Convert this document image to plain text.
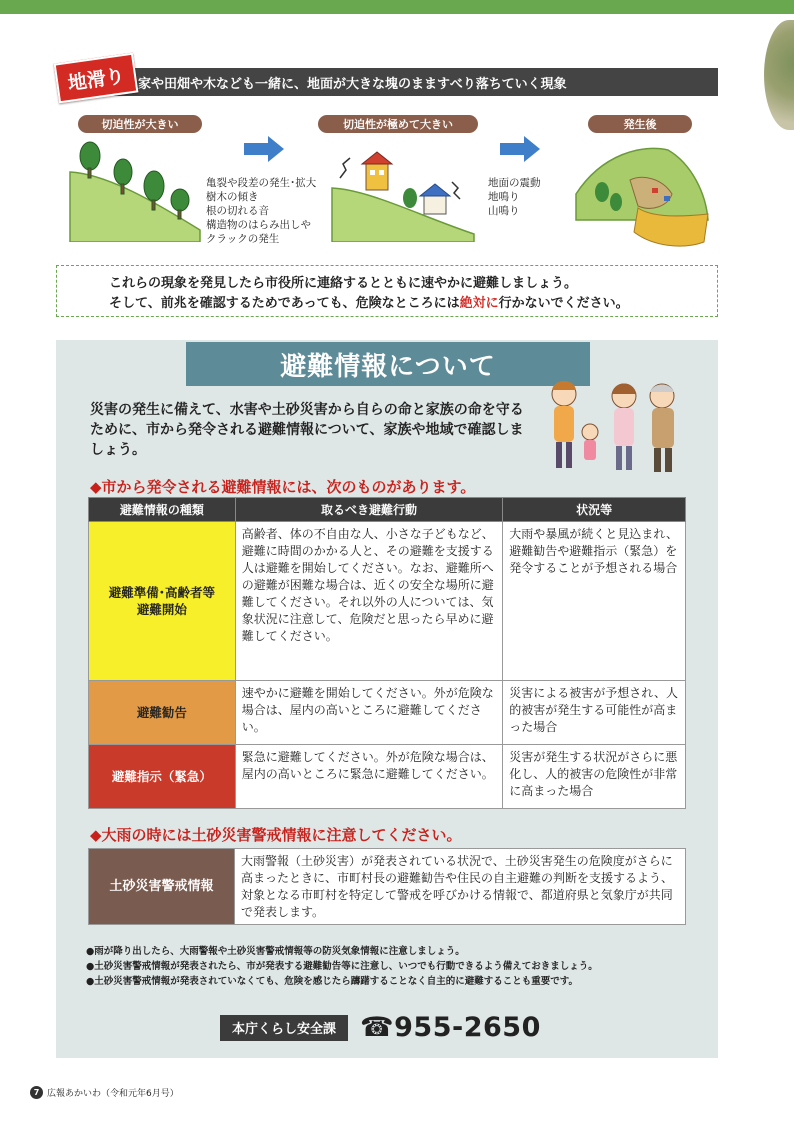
地滑り 家や田畑や木なども一緒に、地面が大きな塊のまますべり落ちていく現象
切迫性が大きい	切迫性が極めて大きい	発生後
亀裂や段差の発生･拡大
樹木の傾き
根の切れる音
構造物のはらみ出しや
クラックの発生
地面の震動
地鳴り
山鳴り
これらの現象を発見したら市役所に連絡するとともに速やかに避難しましょう。
そして、前兆を確認するためであっても、危険なところには絶対に行かないでください。
避難情報について
災害の発生に備えて、水害や土砂災害から自らの命と家族の命を守るために、市から発令される避難情報について、家族や地域で確認しましょう。
◆市から発令される避難情報には、次のものがあります。
避難情報の種類	取るべき避難行動	状況等

避難準備･高齢者等
避難開始	高齢者、体の不自由な人、小さな子どもなど、避難に時間のかかる人と、その避難を支援する人は避難を開始してください。なお、避難所への避難が困難な場合は、近くの安全な場所に避難してください。それ以外の人については、気象状況に注意して、危険だと思ったら早めに避難してください。	大雨や暴風が続くと見込まれ、避難勧告や避難指示（緊急）を発令することが予想される場合
避難勧告	速やかに避難を開始してください。外が危険な場合は、屋内の高いところに避難してください。	災害による被害が予想され、人的被害が発生する可能性が高まった場合
避難指示（緊急）	緊急に避難してください。外が危険な場合は、屋内の高いところに緊急に避難してください。	災害が発生する状況がさらに悪化し、人的被害の危険性が非常に高まった場合
◆大雨の時には土砂災害警戒情報に注意してください。
土砂災害警戒情報	大雨警報（土砂災害）が発表されている状況で、土砂災害発生の危険度がさらに高まったときに、市町村長の避難勧告や住民の自主避難の判断を支援するよう、対象となる市町村を特定して警戒を呼びかける情報で、都道府県と気象庁が共同で発表します。
●雨が降り出したら、大雨警報や土砂災害警戒情報等の防災気象情報に注意しましょう。
●土砂災害警戒情報が発表されたら、市が発表する避難勧告等に注意し、いつでも行動できるよう備えておきましょう。
●土砂災害警戒情報が発表されていなくても、危険を感じたら躊躇することなく自主的に避難することも重要です。
本庁くらし安全課 ☎955-2650
7 広報あかいわ（令和元年6月号）
